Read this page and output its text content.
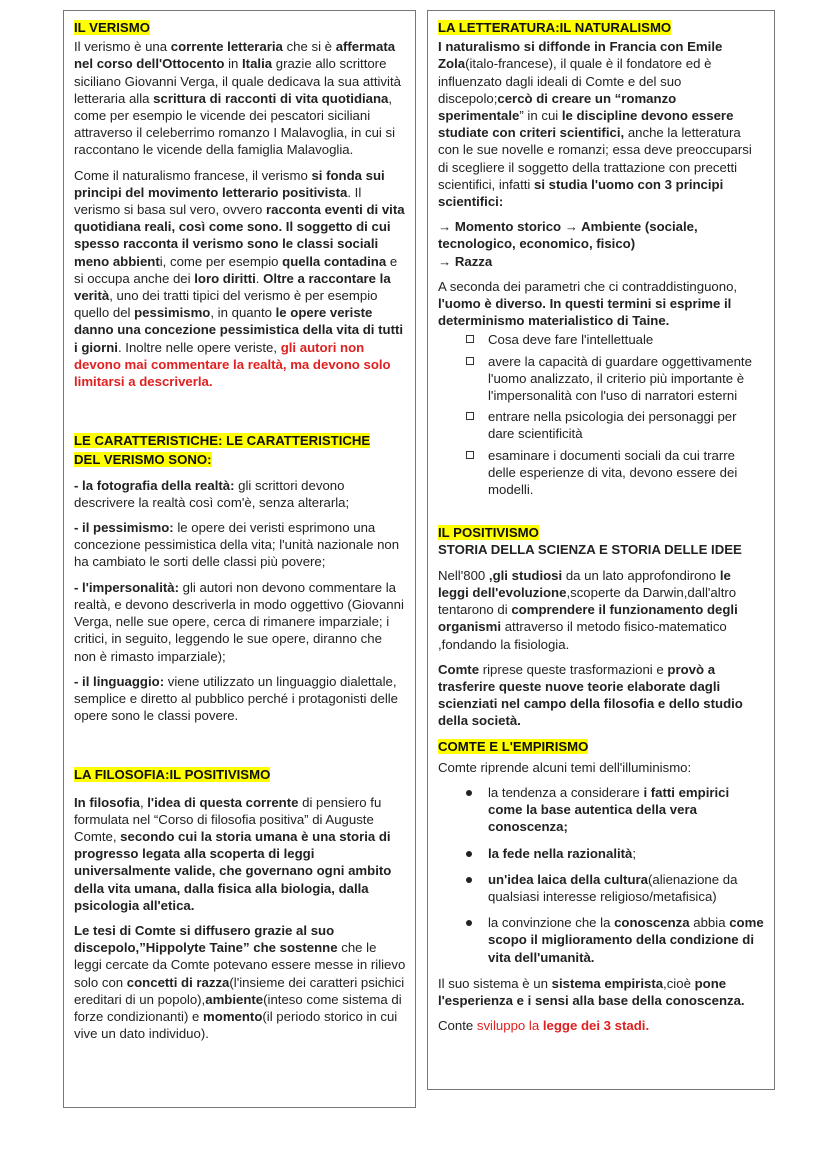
IL VERISMO

Il verismo è una corrente letteraria che si è affermata nel corso dell'Ottocento in Italia grazie allo scrittore siciliano Giovanni Verga, il quale dedicava la sua attività letteraria alla scrittura di racconti di vita quotidiana, come per esempio le vicende dei pescatori siciliani attraverso il celeberrimo romanzo I Malavoglia, in cui si raccontano le vicende della famiglia Malavoglia.

Come il naturalismo francese, il verismo si fonda sui principi del movimento letterario positivista. Il verismo si basa sul vero, ovvero racconta eventi di vita quotidiana reali, così come sono. Il soggetto di cui spesso racconta il verismo sono le classi sociali meno abbienti, come per esempio quella contadina e si occupa anche dei loro diritti. Oltre a raccontare la verità, uno dei tratti tipici del verismo è per esempio quello del pessimismo, in quanto le opere veriste danno una concezione pessimistica della vita di tutti i giorni. Inoltre nelle opere veriste, gli autori non devono mai commentare la realtà, ma devono solo limitarsi a descriverla.

LE CARATTERISTICHE: LE CARATTERISTICHE
DEL VERISMO SONO:

- la fotografia della realtà: gli scrittori devono descrivere la realtà così com'è, senza alterarla;

- il pessimismo: le opere dei veristi esprimono una concezione pessimistica della vita; l'unità nazionale non ha cambiato le sorti delle classi più povere;

- l'impersonalità: gli autori non devono commentare la realtà, e devono descriverla in modo oggettivo (Giovanni Verga, nelle sue opere, cerca di rimanere imparziale; i critici, in seguito, leggendo le sue opere, diranno che non è rimasto imparziale);

- il linguaggio: viene utilizzato un linguaggio dialettale, semplice e diretto al pubblico perché i protagonisti delle opere sono le classi povere.

LA FILOSOFIA:IL POSITIVISMO

In filosofia, l'idea di questa corrente di pensiero fu formulata nel “Corso di filosofia positiva” di Auguste Comte, secondo cui la storia umana è una storia di progresso legata alla scoperta di leggi universalmente valide, che governano ogni ambito della vita umana, dalla fisica alla biologia, dalla psicologia all'etica.

Le tesi di Comte si diffusero grazie al suo discepolo,”Hippolyte Taine” che sostenne che le leggi cercate da Comte potevano essere messe in rilievo solo con concetti di razza(l'insieme dei caratteri psichici ereditari di un popolo),ambiente(inteso come sistema di forze condizionanti) e momento(il periodo storico in cui vive un dato individuo).

LA LETTERATURA:IL NATURALISMO

I naturalismo si diffonde in Francia con Emile Zola(italo-francese), il quale è il fondatore ed è influenzato dagli ideali di Comte e del suo discepolo;cercò di creare un “romanzo sperimentale” in cui le discipline devono essere studiate con criteri scientifici, anche la letteratura con le sue novelle e romanzi; essa deve preoccuparsi di scegliere il soggetto della trattazione con precetti scientifici, infatti si studia l'uomo con 3 principi scientifici:

→ Momento storico → Ambiente (sociale, tecnologico, economico, fisico)
→ Razza

A seconda dei parametri che ci contraddistinguono, l'uomo è diverso. In questi termini si esprime il determinismo materialistico di Taine.

Cosa deve fare l'intellettuale
avere la capacità di guardare oggettivamente l'uomo analizzato, il criterio più importante è l'impersonalità con l'uso di narratori esterni
entrare nella psicologia dei personaggi per dare scientificità
esaminare i documenti sociali da cui trarre delle esperienze di vita, devono essere dei modelli.
IL POSITIVISMO
STORIA DELLA SCIENZA E STORIA DELLE IDEE

Nell'800 ,gli studiosi da un lato approfondirono le leggi dell'evoluzione,scoperte da Darwin,dall'altro tentarono di comprendere il funzionamento degli organismi attraverso il metodo fisico-matematico ,fondando la fisiologia.

Comte riprese queste trasformazioni e provò a trasferire queste nuove teorie elaborate dagli scienziati nel campo della filosofia e dello studio della società.

COMTE E L'EMPIRISMO

Comte riprende alcuni temi dell'illuminismo:

la tendenza a considerare i fatti empirici come la base autentica della vera conoscenza;
la fede nella razionalità;
un'idea laica della cultura(alienazione da qualsiasi interesse religioso/metafisica)
la convinzione che la conoscenza abbia come scopo il miglioramento della condizione di vita dell'umanità.

Il suo sistema è un sistema empirista,cioè pone l'esperienza e i sensi alla base della conoscenza.

Conte sviluppo la legge dei 3 stadi.
